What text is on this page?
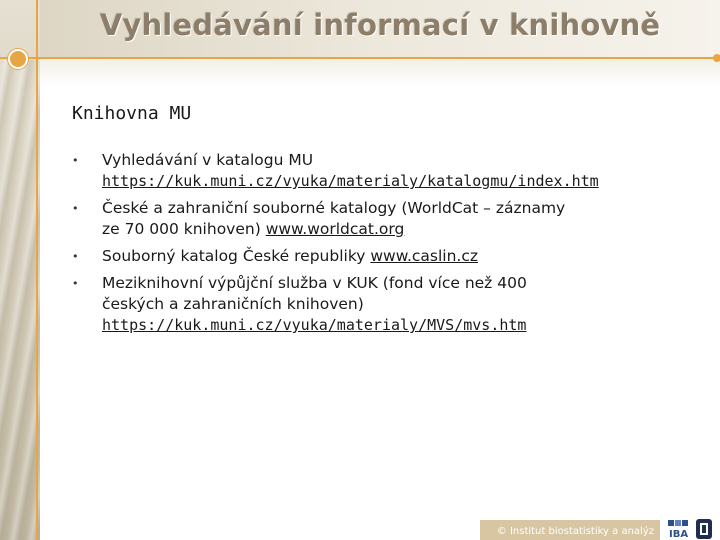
Vyhledávání informací v knihovně
Knihovna MU
• Vyhledávání v katalogu MU
https://kuk.muni.cz/vyuka/materialy/katalogmu/index.htm
• České a zahraniční souborné katalogy (WorldCat – záznamy
ze 70 000 knihoven) www.worldcat.org
• Souborný katalog České republiky www.caslin.cz
• Meziknihovní výpůjční služba v KUK (fond více než 400
českých a zahraničních knihoven)
https://kuk.muni.cz/vyuka/materialy/MVS/mvs.htm
© Institut biostatistiky a analýz IBA
